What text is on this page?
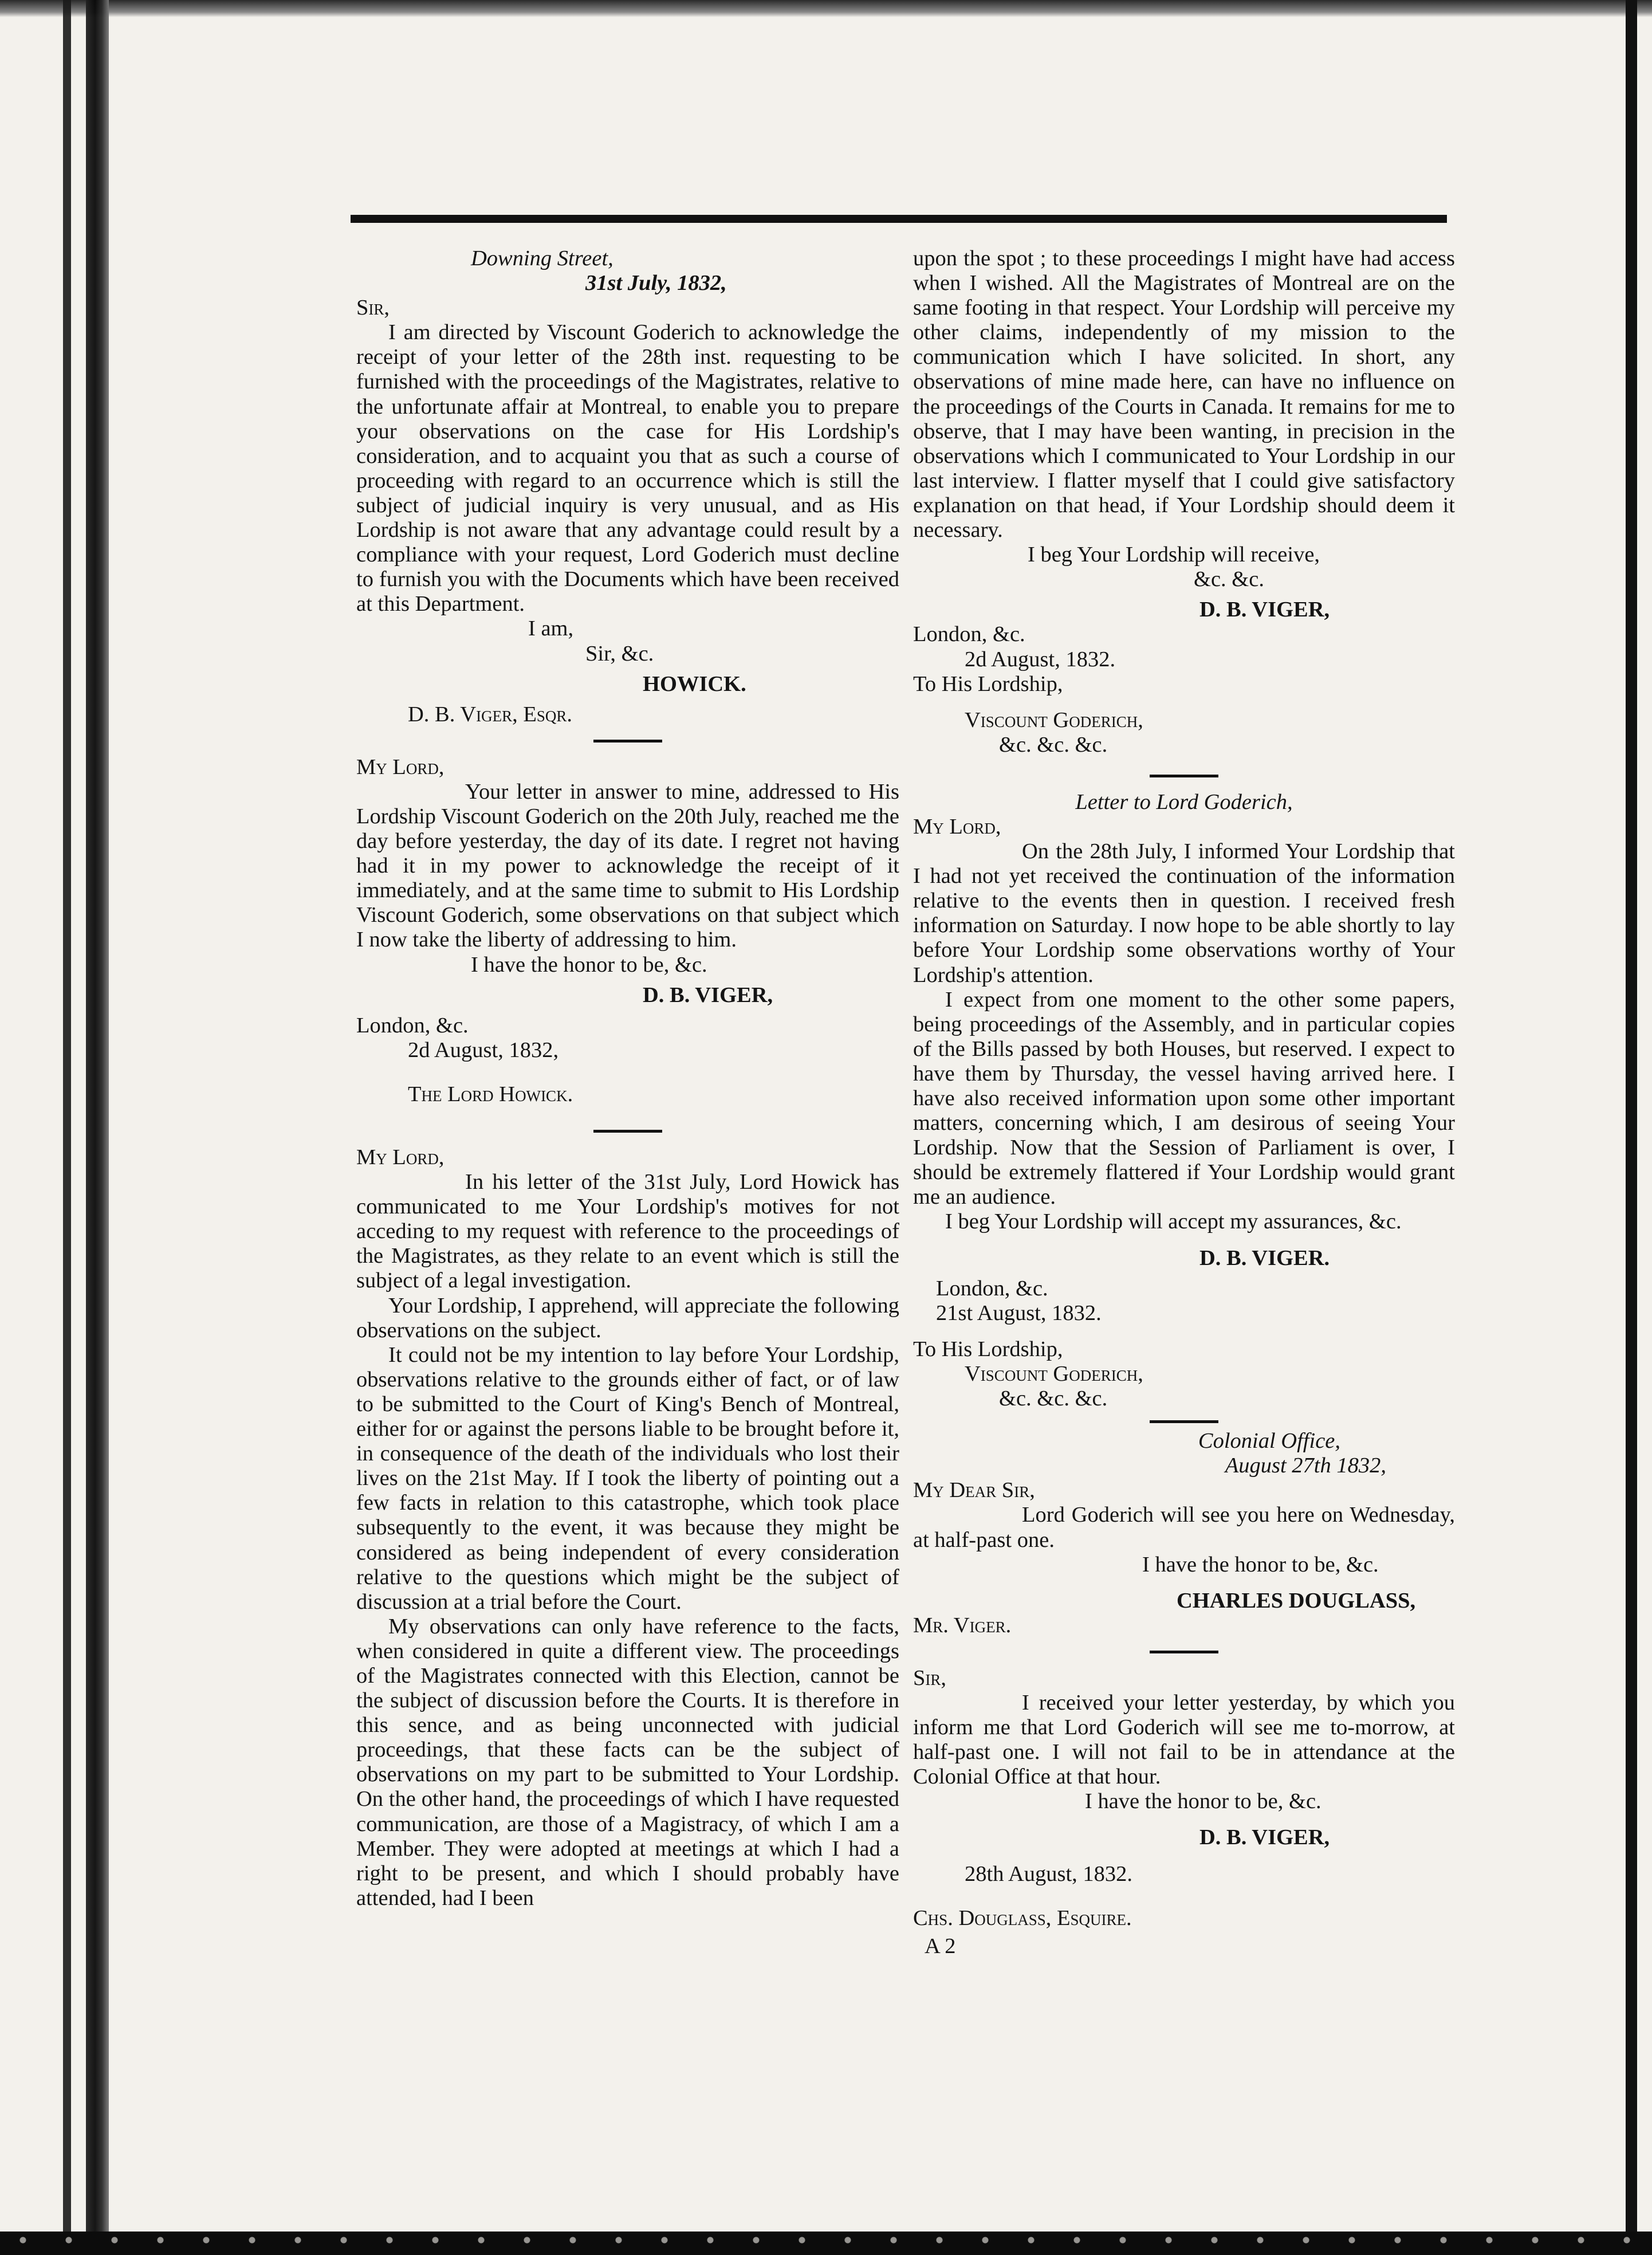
Downing Street,

31st July, 1832,

Sir,

I am directed by Viscount Goderich to acknowledge the receipt of your letter of the 28th inst. requesting to be furnished with the proceedings of the Magistrates, relative to the unfortunate affair at Montreal, to enable you to prepare your observations on the case for His Lordship's consideration, and to acquaint you that as such a course of proceeding with regard to an occurrence which is still the subject of judicial inquiry is very unusual, and as His Lordship is not aware that any advantage could result by a compliance with your request, Lord Goderich must decline to furnish you with the Documents which have been received at this Department.

I am,

Sir, &c.

HOWICK.

D. B. Viger, Esqr.

My Lord,

Your letter in answer to mine, addressed to His Lordship Viscount Goderich on the 20th July, reached me the day before yesterday, the day of its date. I regret not having had it in my power to acknowledge the receipt of it immediately, and at the same time to submit to His Lordship Viscount Goderich, some observations on that subject which I now take the liberty of addressing to him.

I have the honor to be, &c.

D. B. VIGER,

London, &c.

2d August, 1832,

The Lord Howick.

My Lord,

In his letter of the 31st July, Lord Howick has communicated to me Your Lordship's motives for not acceding to my request with reference to the proceedings of the Magistrates, as they relate to an event which is still the subject of a legal investigation.

Your Lordship, I apprehend, will appreciate the following observations on the subject.

It could not be my intention to lay before Your Lordship, observations relative to the grounds either of fact, or of law to be submitted to the Court of King's Bench of Montreal, either for or against the persons liable to be brought before it, in consequence of the death of the individuals who lost their lives on the 21st May. If I took the liberty of pointing out a few facts in relation to this catastrophe, which took place subsequently to the event, it was because they might be considered as being independent of every consideration relative to the questions which might be the subject of discussion at a trial before the Court.

My observations can only have reference to the facts, when considered in quite a different view. The proceedings of the Magistrates connected with this Election, cannot be the subject of discussion before the Courts. It is therefore in this sence, and as being unconnected with judicial proceedings, that these facts can be the subject of observations on my part to be submitted to Your Lordship. On the other hand, the proceedings of which I have requested communication, are those of a Magistracy, of which I am a Member. They were adopted at meetings at which I had a right to be present, and which I should probably have attended, had I been

upon the spot ; to these proceedings I might have had access when I wished. All the Magistrates of Montreal are on the same footing in that respect. Your Lordship will perceive my other claims, independently of my mission to the communication which I have solicited. In short, any observations of mine made here, can have no influence on the proceedings of the Courts in Canada. It remains for me to observe, that I may have been wanting, in precision in the observations which I communicated to Your Lordship in our last interview. I flatter myself that I could give satisfactory explanation on that head, if Your Lordship should deem it necessary.

I beg Your Lordship will receive,

&c. &c.

D. B. VIGER,

London, &c.

2d August, 1832.

To His Lordship,

Viscount Goderich,

&c. &c. &c.

Letter to Lord Goderich,

My Lord,

On the 28th July, I informed Your Lordship that I had not yet received the continuation of the information relative to the events then in question. I received fresh information on Saturday. I now hope to be able shortly to lay before Your Lordship some observations worthy of Your Lordship's attention.

I expect from one moment to the other some papers, being proceedings of the Assembly, and in particular copies of the Bills passed by both Houses, but reserved. I expect to have them by Thursday, the vessel having arrived here. I have also received information upon some other important matters, concerning which, I am desirous of seeing Your Lordship. Now that the Session of Parliament is over, I should be extremely flattered if Your Lordship would grant me an audience.

I beg Your Lordship will accept my assurances, &c.

D. B. VIGER.

London, &c.

21st August, 1832.

To His Lordship,

Viscount Goderich,

&c. &c. &c.

Colonial Office,

August 27th 1832,

My Dear Sir,

Lord Goderich will see you here on Wednesday, at half-past one.

I have the honor to be, &c.

CHARLES DOUGLASS,

Mr. Viger.

Sir,

I received your letter yesterday, by which you inform me that Lord Goderich will see me to-morrow, at half-past one. I will not fail to be in attendance at the Colonial Office at that hour.

I have the honor to be, &c.

D. B. VIGER,

28th August, 1832.

Chs. Douglass, Esquire.

A 2
